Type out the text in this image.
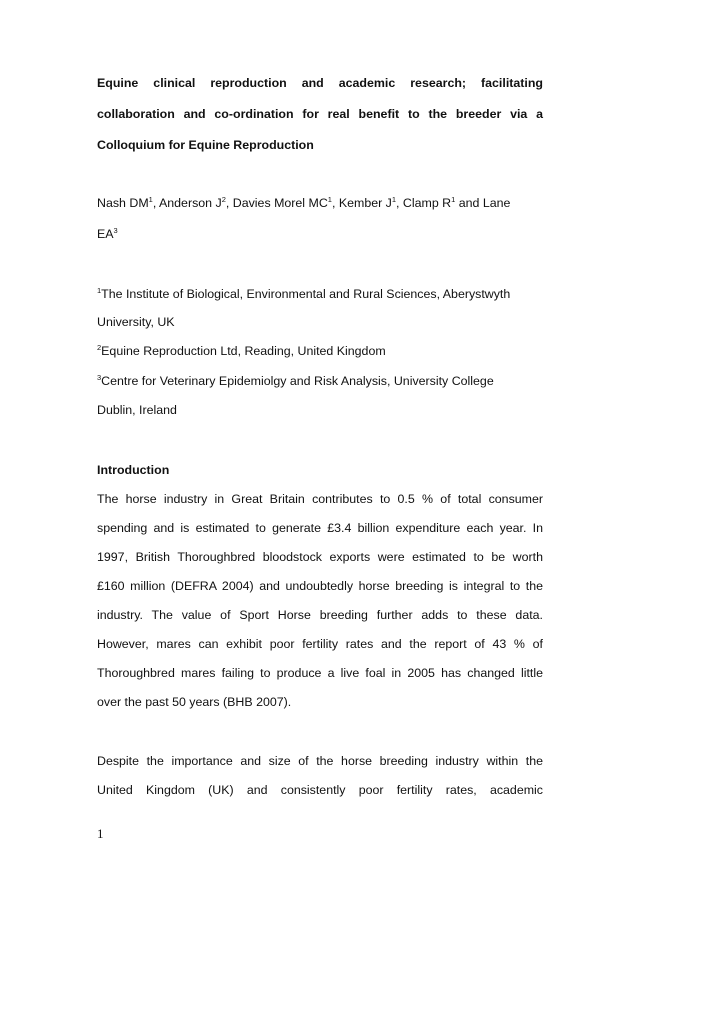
Equine clinical reproduction and academic research; facilitating
collaboration and co-ordination for real benefit to the breeder via a
Colloquium for Equine Reproduction
Nash $DM^1$, Anderson $J^2$, Davies Morel $MC^1$, Kember $J^1$, Clamp $R^1$ and Lane
$EA^3$
$^1$The Institute of Biological, Environmental and Rural Sciences, Aberystwyth
University, UK
$^2$Equine Reproduction Ltd, Reading, United Kingdom
$^3$Centre for Veterinary Epidemiolgy and Risk Analysis, University College
Dublin, Ireland
Introduction
The horse industry in Great Britain contributes to 0.5 % of total consumer
spending and is estimated to generate £3.4 billion expenditure each year. In
1997, British Thoroughbred bloodstock exports were estimated to be worth
£160 million (DEFRA 2004) and undoubtedly horse breeding is integral to the
industry. The value of Sport Horse breeding further adds to these data.
However, mares can exhibit poor fertility rates and the report of 43 % of
Thoroughbred mares failing to produce a live foal in 2005 has changed little
over the past 50 years (BHB 2007).
Despite the importance and size of the horse breeding industry within the
United Kingdom (UK) and consistently poor fertility rates, academic
1
